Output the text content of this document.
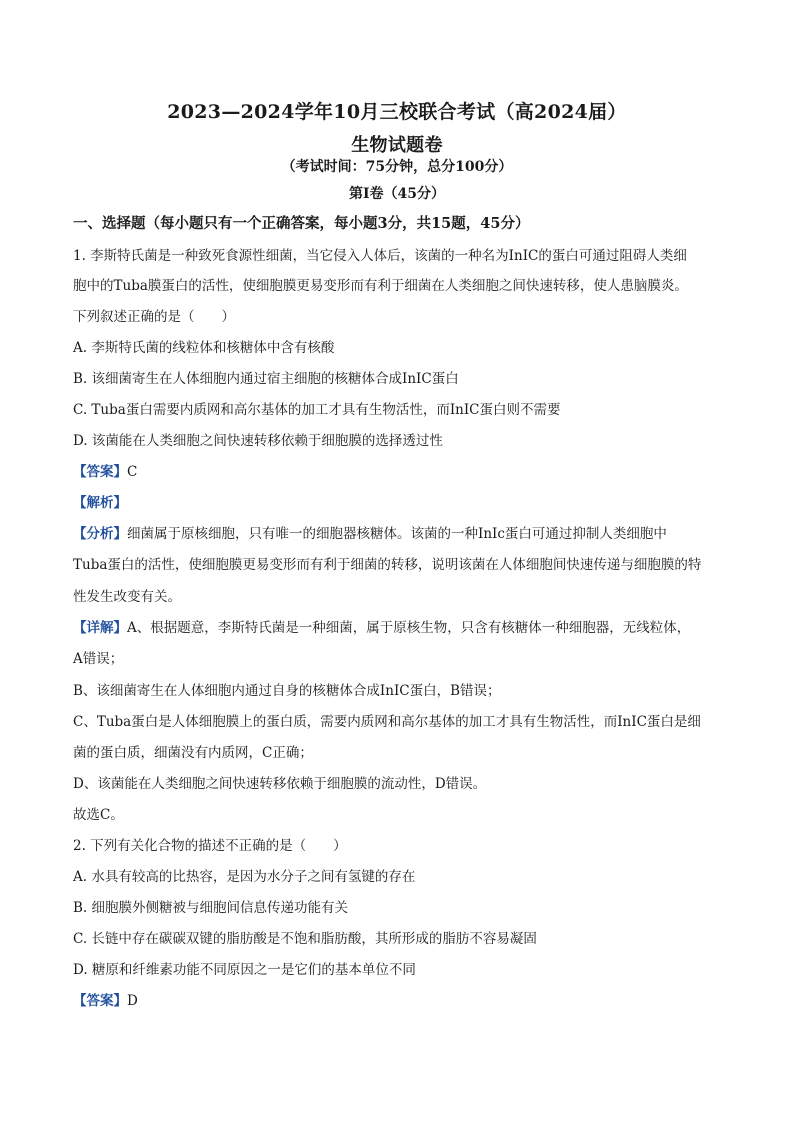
2023—2024学年10月三校联合考试（高2024届）
生物试题卷
（考试时间：75分钟，总分100分）
第I卷（45分）
一、选择题（每小题只有一个正确答案，每小题3分，共15题，45分）
1. 李斯特氏菌是一种致死食源性细菌，当它侵入人体后，该菌的一种名为InIC的蛋白可通过阻碍人类细
胞中的Tuba膜蛋白的活性，使细胞膜更易变形而有利于细菌在人类细胞之间快速转移，使人患脑膜炎。
下列叙述正确的是（　　）
A. 李斯特氏菌的线粒体和核糖体中含有核酸
B. 该细菌寄生在人体细胞内通过宿主细胞的核糖体合成InIC蛋白
C. Tuba蛋白需要内质网和高尔基体的加工才具有生物活性，而InIC蛋白则不需要
D. 该菌能在人类细胞之间快速转移依赖于细胞膜的选择透过性
【答案】C
【解析】
【分析】细菌属于原核细胞，只有唯一的细胞器核糖体。该菌的一种InIc蛋白可通过抑制人类细胞中
Tuba蛋白的活性，使细胞膜更易变形而有利于细菌的转移，说明该菌在人体细胞间快速传递与细胞膜的特
性发生改变有关。
【详解】A、根据题意，李斯特氏菌是一种细菌，属于原核生物，只含有核糖体一种细胞器，无线粒体，
A错误；
B、该细菌寄生在人体细胞内通过自身的核糖体合成InIC蛋白，B错误；
C、Tuba蛋白是人体细胞膜上的蛋白质，需要内质网和高尔基体的加工才具有生物活性，而InIC蛋白是细
菌的蛋白质，细菌没有内质网，C正确；
D、该菌能在人类细胞之间快速转移依赖于细胞膜的流动性，D错误。
故选C。
2. 下列有关化合物的描述不正确的是（　　）
A. 水具有较高的比热容，是因为水分子之间有氢键的存在
B. 细胞膜外侧糖被与细胞间信息传递功能有关
C. 长链中存在碳碳双键的脂肪酸是不饱和脂肪酸，其所形成的脂肪不容易凝固
D. 糖原和纤维素功能不同原因之一是它们的基本单位不同
【答案】D
